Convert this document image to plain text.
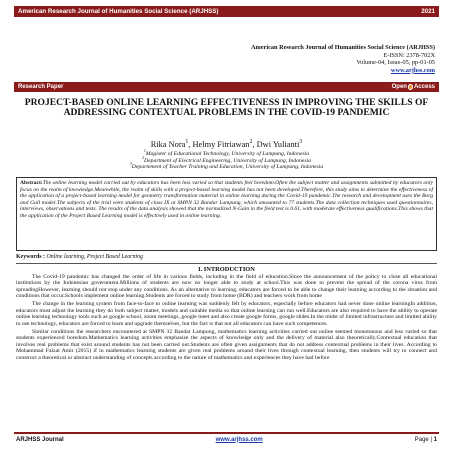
American Research Journal of Humanities Social Science (ARJHSS)	2021
American Research Journal of Humanities Social Science (ARJHSS)
E-ISSN: 2378-702X
Volume-04, Issue-05, pp-01-05
www.arjhss.com
Research Paper	Open Access
PROJECT-BASED ONLINE LEARNING EFFECTIVENESS IN IMPROVING THE SKILLS OF ADDRESSING CONTEXTUAL PROBLEMS IN THE COVID-19 PANDEMIC
Rika Nora$^1$, Helmy Fitriawan$^2$, Dwi Yulianti$^3$
$^1$Magister of Educational Technology, University of Lampung, Indonesia
$^2$Department of Electrical Engineering, University of Lampung, Indonesia
$^3$Departement of Teacher Training and Education, University of Lampung, Indonesia
Abstract:The online learning model carried out by educators has been less varied so that students feel boredom.Often the subject matter and assignments submitted by educators only focus on the realm of knowledge.Meanwhile, the realm of skills with a project-based learning model has not been developed.Therefore, this study aims to determine the effectiveness of the application of a project-based learning model for geometry transformation material in online learning during the Covid-19 pandemic.The research and development uses the Borg and Gall model.The subjects of the trial were students of class IX at SMPN 32 Bandar Lampung, which amounted to 77 students.The data collection techniques used questionnaires, interviews, observations and tests. The results of the data analysis showed that the normalized N-Gain in the field test is 0.61, with moderate effectiveness qualifications.This shows that the application of the Project Based Learning model is effectively used in online learning.
Keywords : Online learning, Project Based Learning
I. INTRODUCTION

The Covid-19 pandemic has changed the order of life in various fields, including in the field of education.Since the announcement of the policy to close all educational institutions by the Indonesian government.Millions of students are now no longer able to study at school.This was done to prevent the spread of the corona virus from spreadingHowever, learning should not stop under any conditions. As an alternative to learning, educators are forced to be able to change their learning according to the situation and conditions that occur.Schools implement online learning.Students are forced to study from home (BDR) and teachers work from home

The change in the learning system from face-to-face to online learning was suddenly felt by educators, especially before educators had never done online learningIn addition, educators must adjust the learning they do both subject matter, models and suitable media so that online learning can run well.Educators are also required to have the ability to operate online learning technology tools such as google school, zoom meetings, google meet and also create google forms, google slides.In the midst of limited infrastructure and limited ability to use technology, educators are forced to learn and upgrade themselves, but the fact is that not all educators can have such competences.

Similar conditions the researchers encountered at SMPN 32 Bandar Lampung, mathematics learning activities carried out online seemed monotonous and less varied so that students experienced boredom.Mathematics learning activities emphasize the aspects of knowledge only and the delivery of material also theoretically.Contextual education that involves real problems that exist around students has not been carried out.Students are often given assignments that do not address contextual problems in their lives. According to Mohammad Faizal Amir (2015) if in mathematics learning students are given real problems around their lives through contextual learning, then students will try to connect and construct a theoretical or abstract understanding of concepts according to the nature of mathematics and experiences they have had before

ARJHSS Journal	www.arjhss.com	Page | 1
